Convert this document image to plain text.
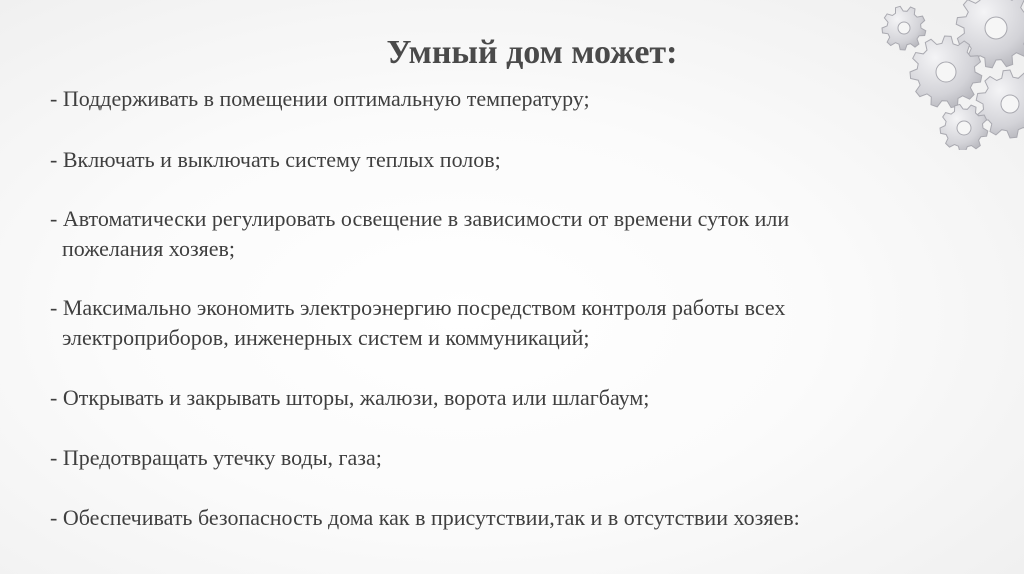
Умный дом может:
- Поддерживать в помещении оптимальную температуру;
- Включать и выключать систему теплых полов;
- Автоматически регулировать освещение в зависимости от времени суток или
пожелания хозяев;
- Максимально экономить электроэнергию посредством контроля работы всех
электроприборов, инженерных систем и коммуникаций;
- Открывать и закрывать шторы, жалюзи, ворота или шлагбаум;
- Предотвращать утечку воды, газа;
- Обеспечивать безопасность дома как в присутствии,так и в отсутствии хозяев:
